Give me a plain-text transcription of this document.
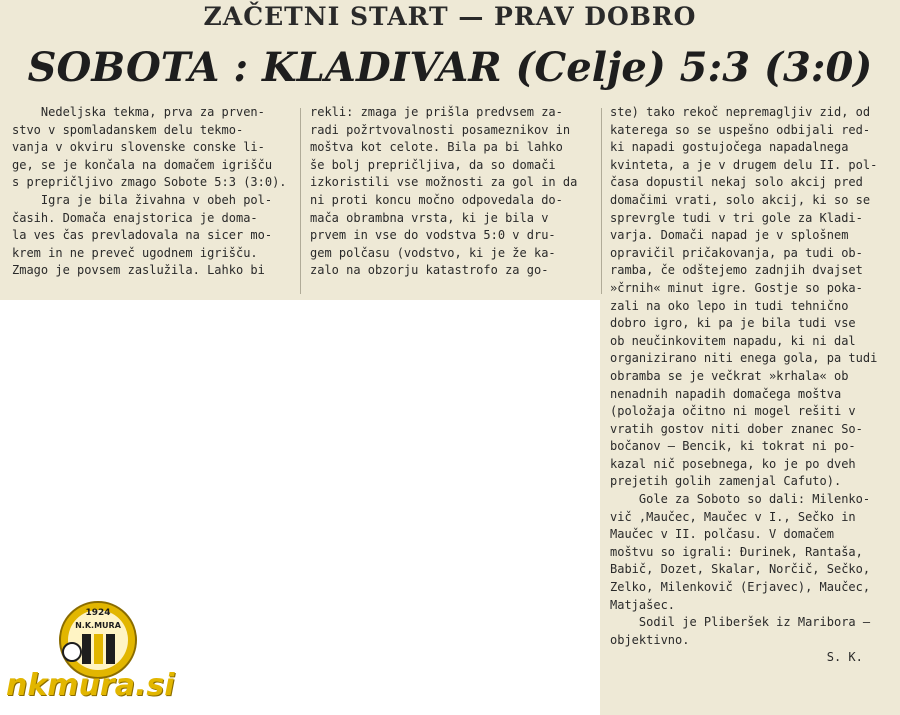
ZAČETNI START — PRAV DOBRO
SOBOTA : KLADIVAR (Celje) 5:3 (3:0)
Nedeljska tekma, prva za prven-
stvo v spomladanskem delu tekmo-
vanja v okviru slovenske conske li-
ge, se je končala na domačem igrišču
s prepričljivo zmago Sobote 5:3 (3:0).
Igra je bila živahna v obeh pol-
časih. Domača enajstorica je doma-
la ves čas prevladovala na sicer mo-
krem in ne preveč ugodnem igrišču.
Zmago je povsem zaslužila. Lahko bi
rekli: zmaga je prišla predvsem za-
radi požrtvovalnosti posameznikov in
moštva kot celote. Bila pa bi lahko
še bolj prepričljiva, da so domači
izkoristili vse možnosti za gol in da
ni proti koncu močno odpovedala do-
mača obrambna vrsta, ki je bila v
prvem in vse do vodstva 5:0 v dru-
gem polčasu (vodstvo, ki je že ka-
zalo na obzorju katastrofo za go-
ste) tako rekoč nepremagljiv zid, od
katerega so se uspešno odbijali red-
ki napadi gostujočega napadalnega
kvinteta, a je v drugem delu II. pol-
časa dopustil nekaj solo akcij pred
domačimi vrati, solo akcij, ki so se
sprevrgle tudi v tri gole za Kladi-
varja. Domači napad je v splošnem
opravičil pričakovanja, pa tudi ob-
ramba, če odštejemo zadnjih dvajset
»črnih« minut igre. Gostje so poka-
zali na oko lepo in tudi tehnično
dobro igro, ki pa je bila tudi vse
ob neučinkovitem napadu, ki ni dal
organizirano niti enega gola, pa tudi
obramba se je večkrat »krhala« ob
nenadnih napadih domačega moštva
(položaja očitno ni mogel rešiti v
vratih gostov niti dober znanec So-
bočanov — Bencik, ki tokrat ni po-
kazal nič posebnega, ko je po dveh
prejetih golih zamenjal Cafuto).
Gole za Soboto so dali: Milenko-
vič ,Maučec, Maučec v I., Sečko in
Maučec v II. polčasu. V domačem
moštvu so igrali: Đurinek, Rantaša,
Babič, Dozet, Skalar, Norčič, Sečko,
Zelko, Milenkovič (Erjavec), Maučec,
Matjašec.
Sodil je Pliberšek iz Maribora —
objektivno.
S. K.
1924
N.K.MURA
nkmura.si
